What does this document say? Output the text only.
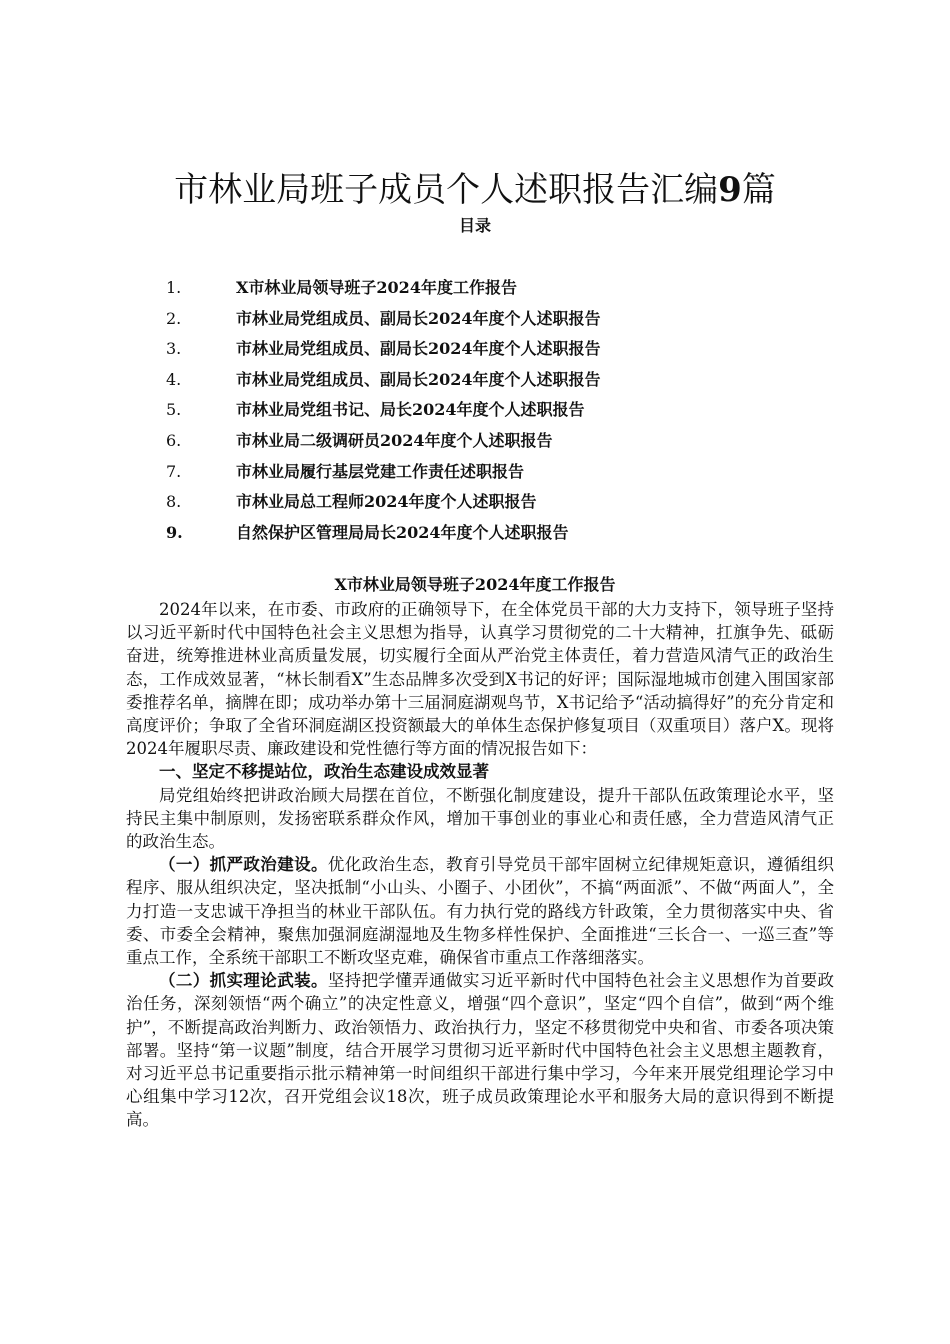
市林业局班子成员个人述职报告汇编9篇
目录
1.	X市林业局领导班子2024年度工作报告
2.	市林业局党组成员、副局长2024年度个人述职报告
3.	市林业局党组成员、副局长2024年度个人述职报告
4.	市林业局党组成员、副局长2024年度个人述职报告
5.	市林业局党组书记、局长2024年度个人述职报告
6.	市林业局二级调研员2024年度个人述职报告
7.	市林业局履行基层党建工作责任述职报告
8.	市林业局总工程师2024年度个人述职报告
9.	自然保护区管理局局长2024年度个人述职报告
X市林业局领导班子2024年度工作报告

2024年以来，在市委、市政府的正确领导下，在全体党员干部的大力支持下，领导班子坚持以习近平新时代中国特色社会主义思想为指导，认真学习贯彻党的二十大精神，扛旗争先、砥砺奋进，统筹推进林业高质量发展，切实履行全面从严治党主体责任，着力营造风清气正的政治生态，工作成效显著，“林长制看X”生态品牌多次受到X书记的好评；国际湿地城市创建入围国家部委推荐名单，摘牌在即；成功举办第十三届洞庭湖观鸟节，X书记给予“活动搞得好”的充分肯定和高度评价；争取了全省环洞庭湖区投资额最大的单体生态保护修复项目（双重项目）落户X。现将2024年履职尽责、廉政建设和党性德行等方面的情况报告如下：

一、坚定不移提站位，政治生态建设成效显著

局党组始终把讲政治顾大局摆在首位，不断强化制度建设，提升干部队伍政策理论水平，坚持民主集中制原则，发扬密联系群众作风，增加干事创业的事业心和责任感，全力营造风清气正的政治生态。

（一）抓严政治建设。优化政治生态，教育引导党员干部牢固树立纪律规矩意识，遵循组织程序、服从组织决定，坚决抵制“小山头、小圈子、小团伙”，不搞“两面派”、不做“两面人”，全力打造一支忠诚干净担当的林业干部队伍。有力执行党的路线方针政策，全力贯彻落实中央、省委、市委全会精神，聚焦加强洞庭湖湿地及生物多样性保护、全面推进“三长合一、一巡三查”等重点工作，全系统干部职工不断攻坚克难，确保省市重点工作落细落实。

（二）抓实理论武装。坚持把学懂弄通做实习近平新时代中国特色社会主义思想作为首要政治任务，深刻领悟“两个确立”的决定性意义，增强“四个意识”，坚定“四个自信”，做到“两个维护”，不断提高政治判断力、政治领悟力、政治执行力，坚定不移贯彻党中央和省、市委各项决策部署。坚持“第一议题”制度，结合开展学习贯彻习近平新时代中国特色社会主义思想主题教育，对习近平总书记重要指示批示精神第一时间组织干部进行集中学习，今年来开展党组理论学习中心组集中学习12次，召开党组会议18次，班子成员政策理论水平和服务大局的意识得到不断提高。
